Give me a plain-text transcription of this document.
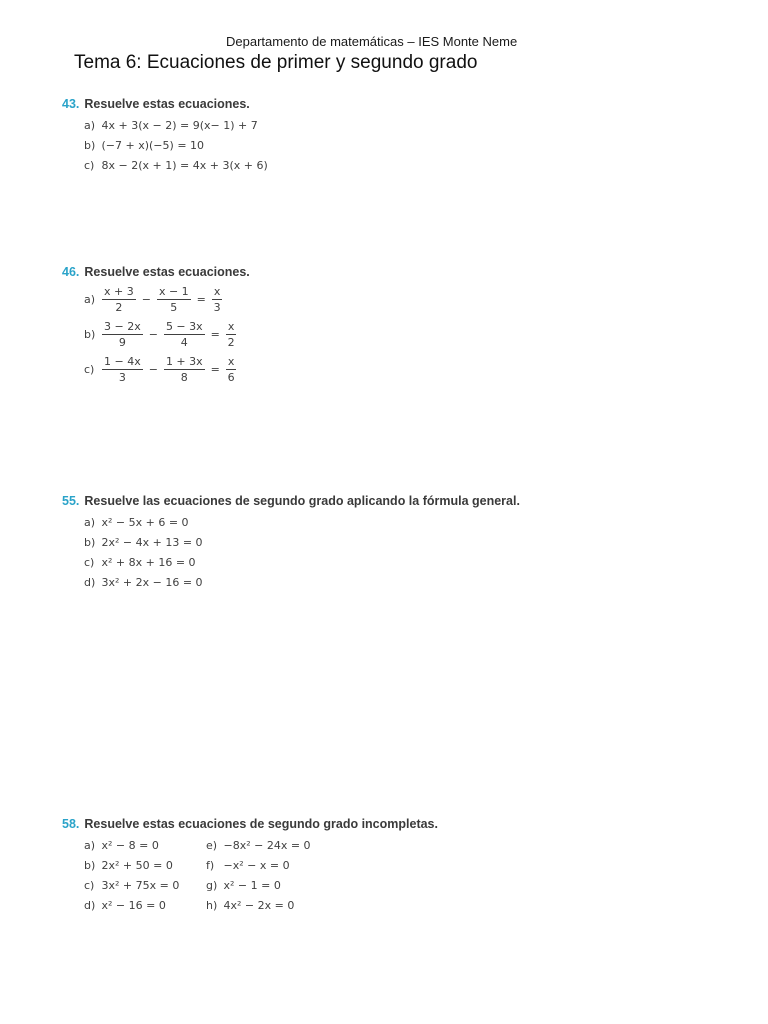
Departamento de matemáticas – IES Monte Neme
Tema 6: Ecuaciones de primer y segundo grado
43. Resuelve estas ecuaciones.
a) 4x + 3(x − 2) = 9(x− 1) + 7
b) (−7 + x)(−5) = 10
c) 8x − 2(x + 1) = 4x + 3(x + 6)
46. Resuelve estas ecuaciones.
$a) \frac{x + 3}{2} - \frac{x - 1}{5} = \frac{x}{3}$
$b) \frac{3 - 2x}{9} - \frac{5 - 3x}{4} = \frac{x}{2}$
$c) \frac{1 - 4x}{3} - \frac{1 + 3x}{8} = \frac{x}{6}$
55. Resuelve las ecuaciones de segundo grado aplicando la fórmula general.
a) x² − 5x + 6 = 0
b) 2x² − 4x + 13 = 0
c) x² + 8x + 16 = 0
d) 3x² + 2x − 16 = 0
58. Resuelve estas ecuaciones de segundo grado incompletas.
a) x² − 8 = 0
b) 2x² + 50 = 0
c) 3x² + 75x = 0
d) x² − 16 = 0
e) −8x² − 24x = 0
f) −x² − x = 0
g) x² − 1 = 0
h) 4x² − 2x = 0
